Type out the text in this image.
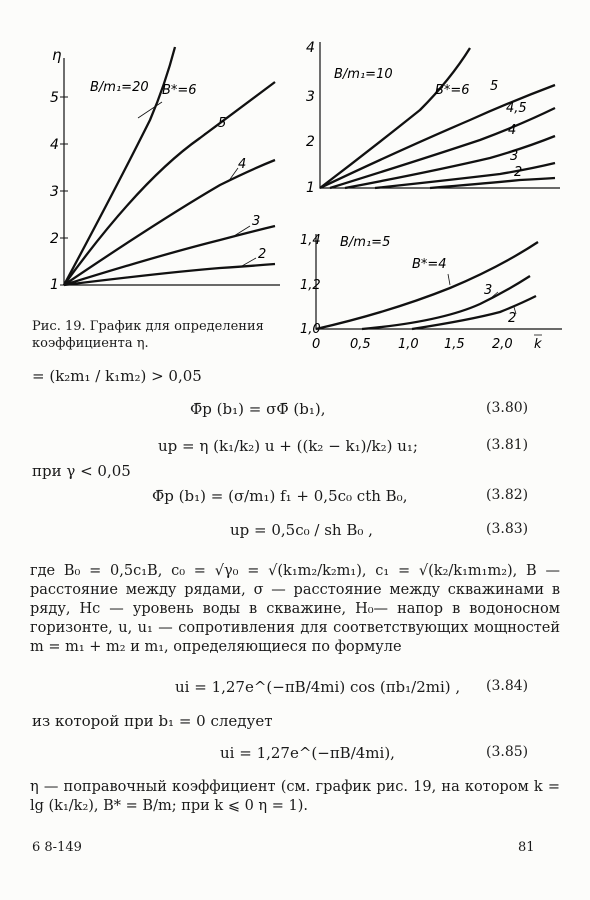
η
5
4
3
2
1
B/m₁=20 B*=6
5
4
3
2
4
3
2
1
B/m₁=10
B*=6 5
4,5
4
3
2
1,4
1,2
1,0
0 0,5 1,0 1,5 2,0 k
B/m₁=5
B*=4
3
2
Рис. 19. График для определения коэффициента η.
= (k₂m₁ / k₁m₂) > 0,05
Φ̄p (b₁) = σΦ̄ (b₁),	(3.80)
up = η (k₁/k₂) u + ((k₂ − k₁)/k₂) u₁;	(3.81)
при γ < 0,05
Φ̄p (b₁) = (σ/m₁) f₁ + 0,5c₀ cth B₀,	(3.82)
up = 0,5c₀ / sh B₀ ,	(3.83)
где B₀ = 0,5c₁B, c₀ = √γ₀ = √(k₁m₂/k₂m₁), c₁ = √(k₂/k₁m₁m₂), B — расстояние между рядами, σ — расстояние между скважинами в ряду, Hc — уровень воды в скважине, H₀— напор в водоносном горизонте, u, u₁ — сопротивления для соответствующих мощностей m = m₁ + m₂ и m₁, определяющиеся по формуле
ui = 1,27e^(−πB/4mi) cos (πb₁/2mi) , (3.84)
из которой при b₁ = 0 следует
ui = 1,27e^(−πB/4mi),	(3.85)
η — поправочный коэффициент (см. график рис. 19, на котором k = lg (k₁/k₂), B* = B/m; при k ⩽ 0 η = 1).
6 8-149	81
